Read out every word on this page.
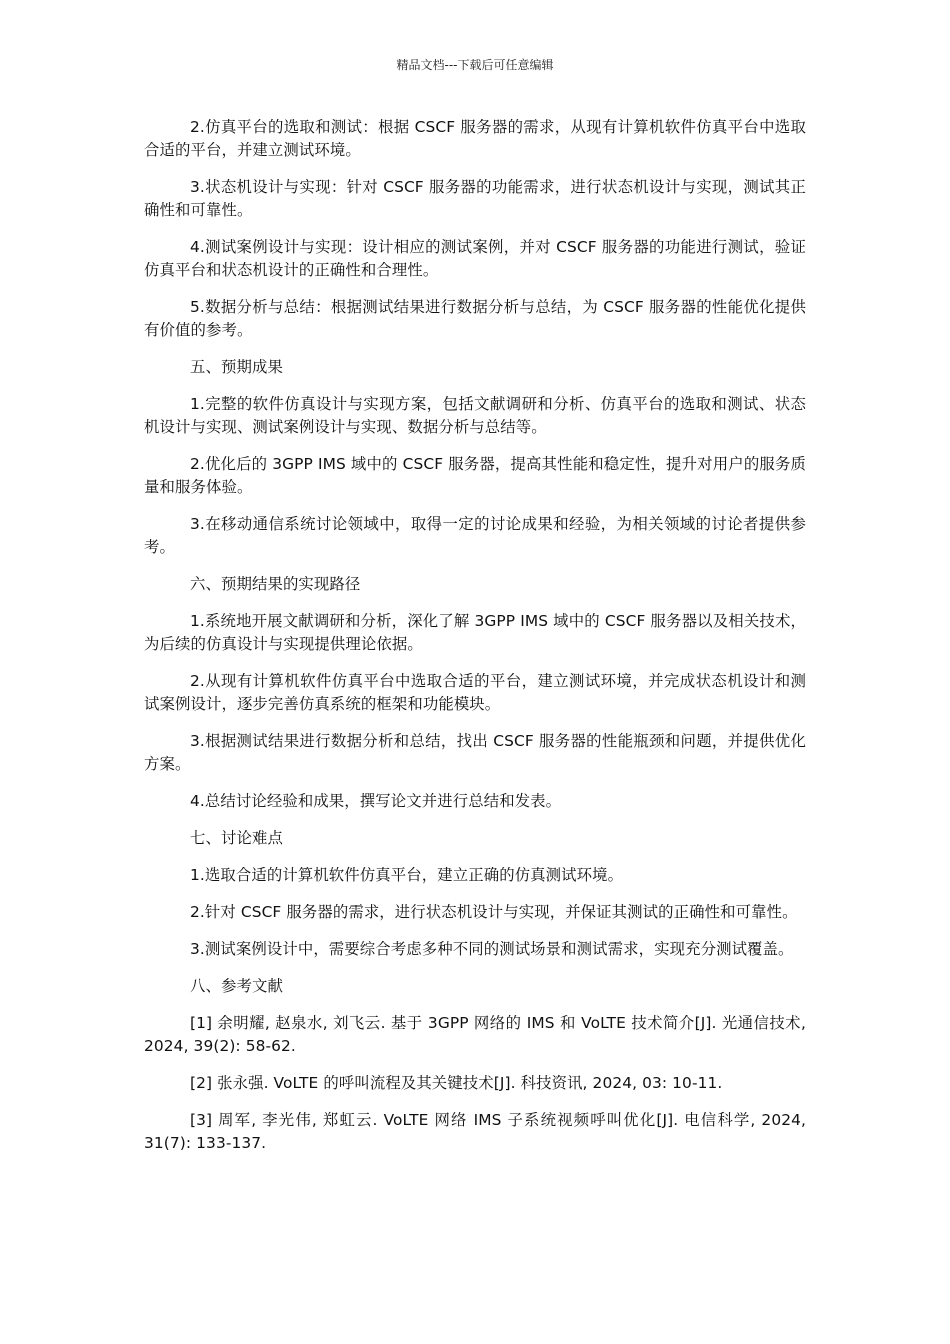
精品文档---下载后可任意编辑

2.仿真平台的选取和测试：根据 CSCF 服务器的需求，从现有计算机软件仿真平台中选取合适的平台，并建立测试环境。

3.状态机设计与实现：针对 CSCF 服务器的功能需求，进行状态机设计与实现，测试其正确性和可靠性。

4.测试案例设计与实现：设计相应的测试案例，并对 CSCF 服务器的功能进行测试，验证仿真平台和状态机设计的正确性和合理性。

5.数据分析与总结：根据测试结果进行数据分析与总结，为 CSCF 服务器的性能优化提供有价值的参考。

五、预期成果

1.完整的软件仿真设计与实现方案，包括文献调研和分析、仿真平台的选取和测试、状态机设计与实现、测试案例设计与实现、数据分析与总结等。

2.优化后的 3GPP IMS 域中的 CSCF 服务器，提高其性能和稳定性，提升对用户的服务质量和服务体验。

3.在移动通信系统讨论领域中，取得一定的讨论成果和经验，为相关领域的讨论者提供参考。

六、预期结果的实现路径

1.系统地开展文献调研和分析，深化了解 3GPP IMS 域中的 CSCF 服务器以及相关技术，为后续的仿真设计与实现提供理论依据。

2.从现有计算机软件仿真平台中选取合适的平台，建立测试环境，并完成状态机设计和测试案例设计，逐步完善仿真系统的框架和功能模块。

3.根据测试结果进行数据分析和总结，找出 CSCF 服务器的性能瓶颈和问题，并提供优化方案。

4.总结讨论经验和成果，撰写论文并进行总结和发表。

七、讨论难点

1.选取合适的计算机软件仿真平台，建立正确的仿真测试环境。

2.针对 CSCF 服务器的需求，进行状态机设计与实现，并保证其测试的正确性和可靠性。

3.测试案例设计中，需要综合考虑多种不同的测试场景和测试需求，实现充分测试覆盖。

八、参考文献

[1] 余明耀, 赵泉水, 刘飞云. 基于 3GPP 网络的 IMS 和 VoLTE 技术简介[J]. 光通信技术, 2024, 39(2): 58-62.

[2] 张永强. VoLTE 的呼叫流程及其关键技术[J]. 科技资讯, 2024, 03: 10-11.

[3] 周军, 李光伟, 郑虹云. VoLTE 网络 IMS 子系统视频呼叫优化[J]. 电信科学, 2024, 31(7): 133-137.
